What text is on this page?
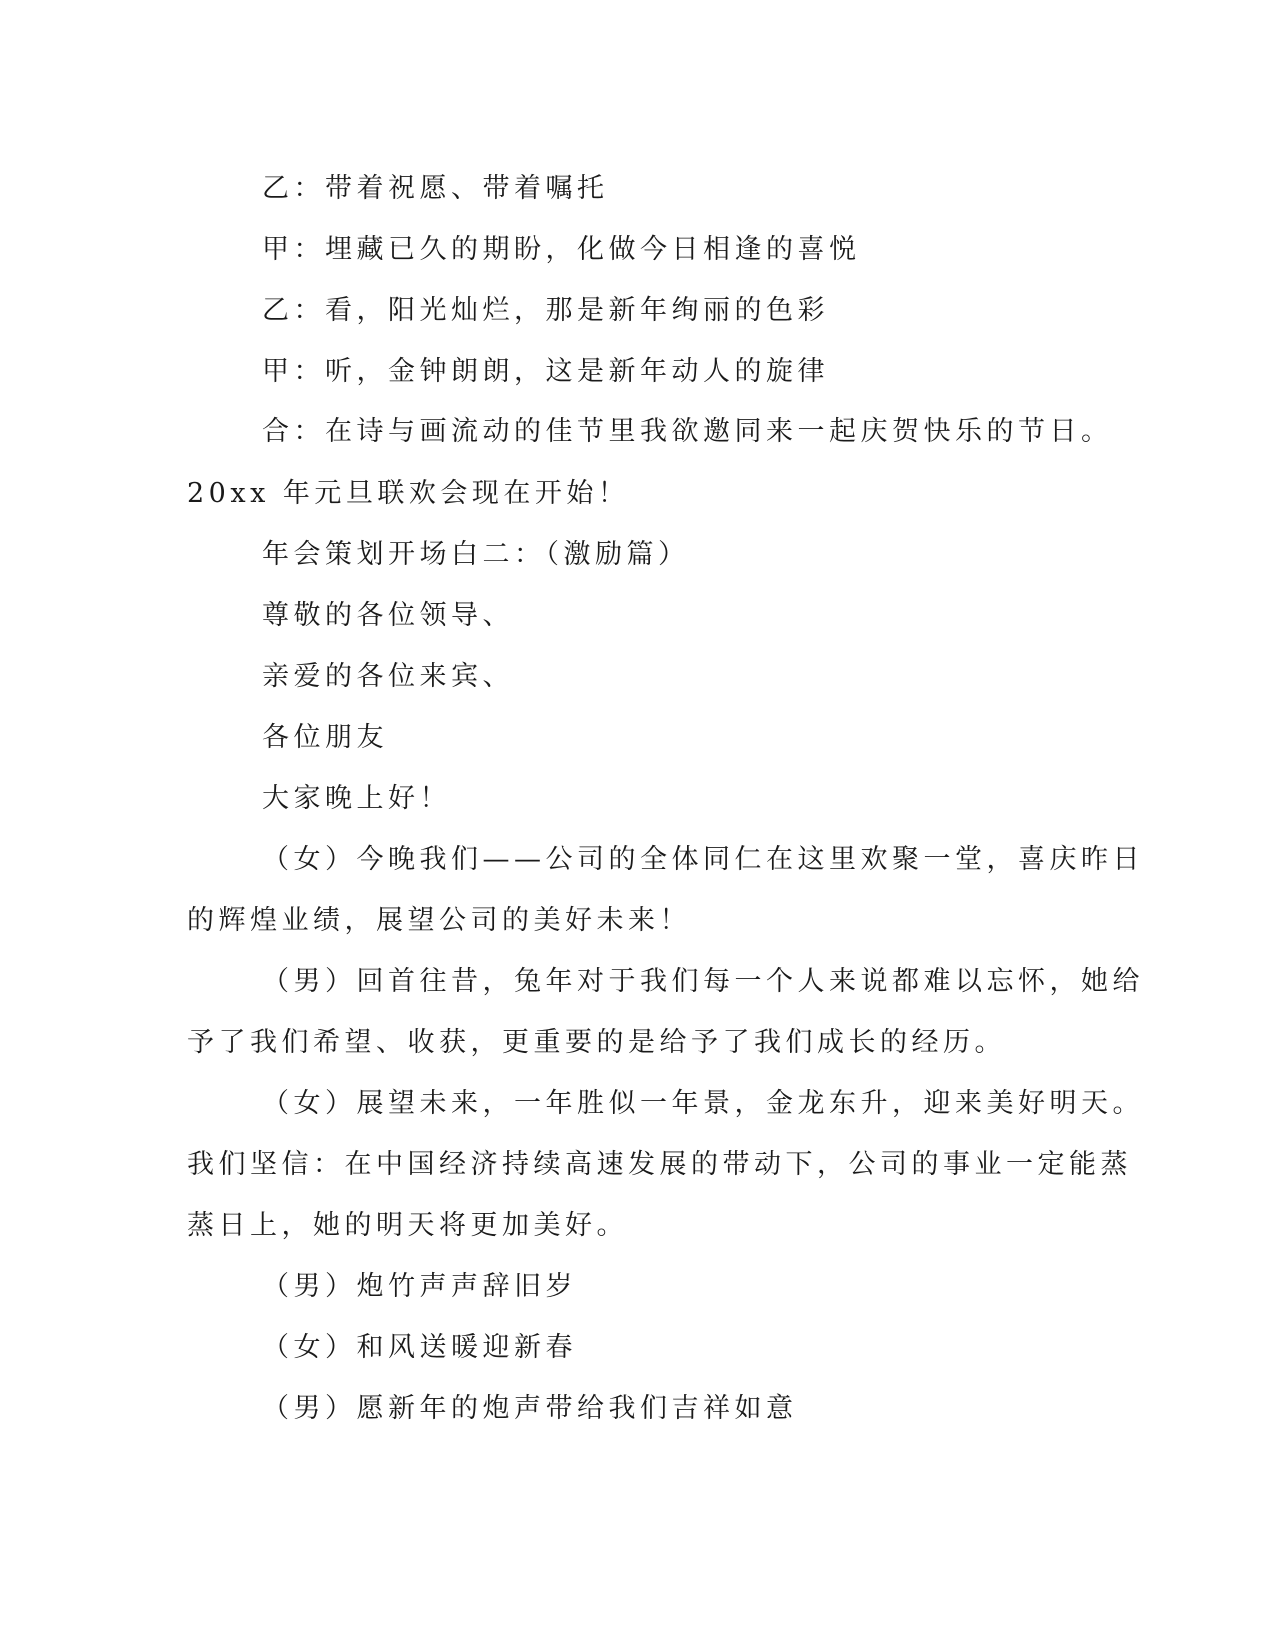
乙：带着祝愿、带着嘱托
甲：埋藏已久的期盼，化做今日相逢的喜悦
乙：看，阳光灿烂，那是新年绚丽的色彩
甲：听，金钟朗朗，这是新年动人的旋律
合：在诗与画流动的佳节里我欲邀同来一起庆贺快乐的节日。
20xx 年元旦联欢会现在开始！
年会策划开场白二：（激励篇）
尊敬的各位领导、
亲爱的各位来宾、
各位朋友
大家晚上好！
（女）今晚我们——公司的全体同仁在这里欢聚一堂，喜庆昨日
的辉煌业绩，展望公司的美好未来！
（男）回首往昔，兔年对于我们每一个人来说都难以忘怀，她给
予了我们希望、收获，更重要的是给予了我们成长的经历。
（女）展望未来，一年胜似一年景，金龙东升，迎来美好明天。
我们坚信：在中国经济持续高速发展的带动下，公司的事业一定能蒸
蒸日上，她的明天将更加美好。
（男）炮竹声声辞旧岁
（女）和风送暖迎新春
（男）愿新年的炮声带给我们吉祥如意
